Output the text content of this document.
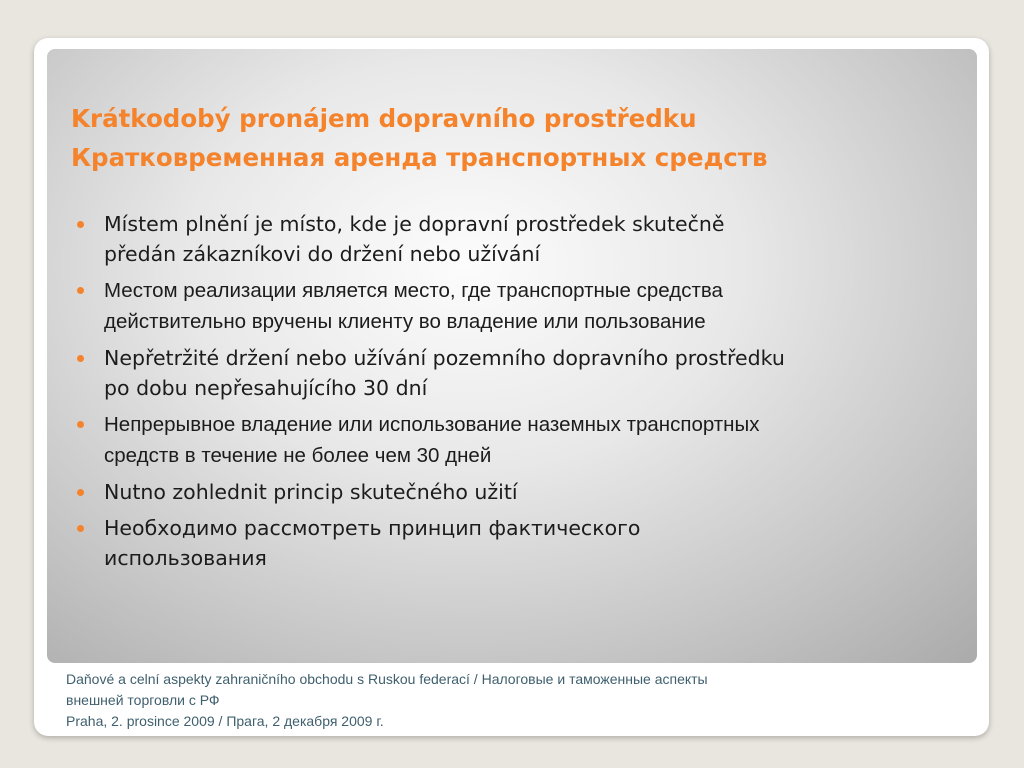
Krátkodobý pronájem dopravního prostředku
Кратковременная аренда транспортных средств
Místem plnění je místo, kde je dopravní prostředek skutečně
předán zákazníkovi do držení nebo užívání
Местом реализации является место, где транспортные средства
действительно вручены клиенту во владение или пользование
Nepřetržité držení nebo užívání pozemního dopravního prostředku
po dobu nepřesahujícího 30 dní
Непрерывное владение или использование наземных транспортных
средств в течение не более чем 30 дней
Nutno zohlednit princip skutečného užití
Необходимо рассмотреть принцип фактического
использования
Daňové a celní aspekty zahraničního obchodu s Ruskou federací / Налоговые и таможенные аспекты
внешней торговли с РФ
Praha, 2. prosince 2009 / Прага, 2 декабря 2009 г.
